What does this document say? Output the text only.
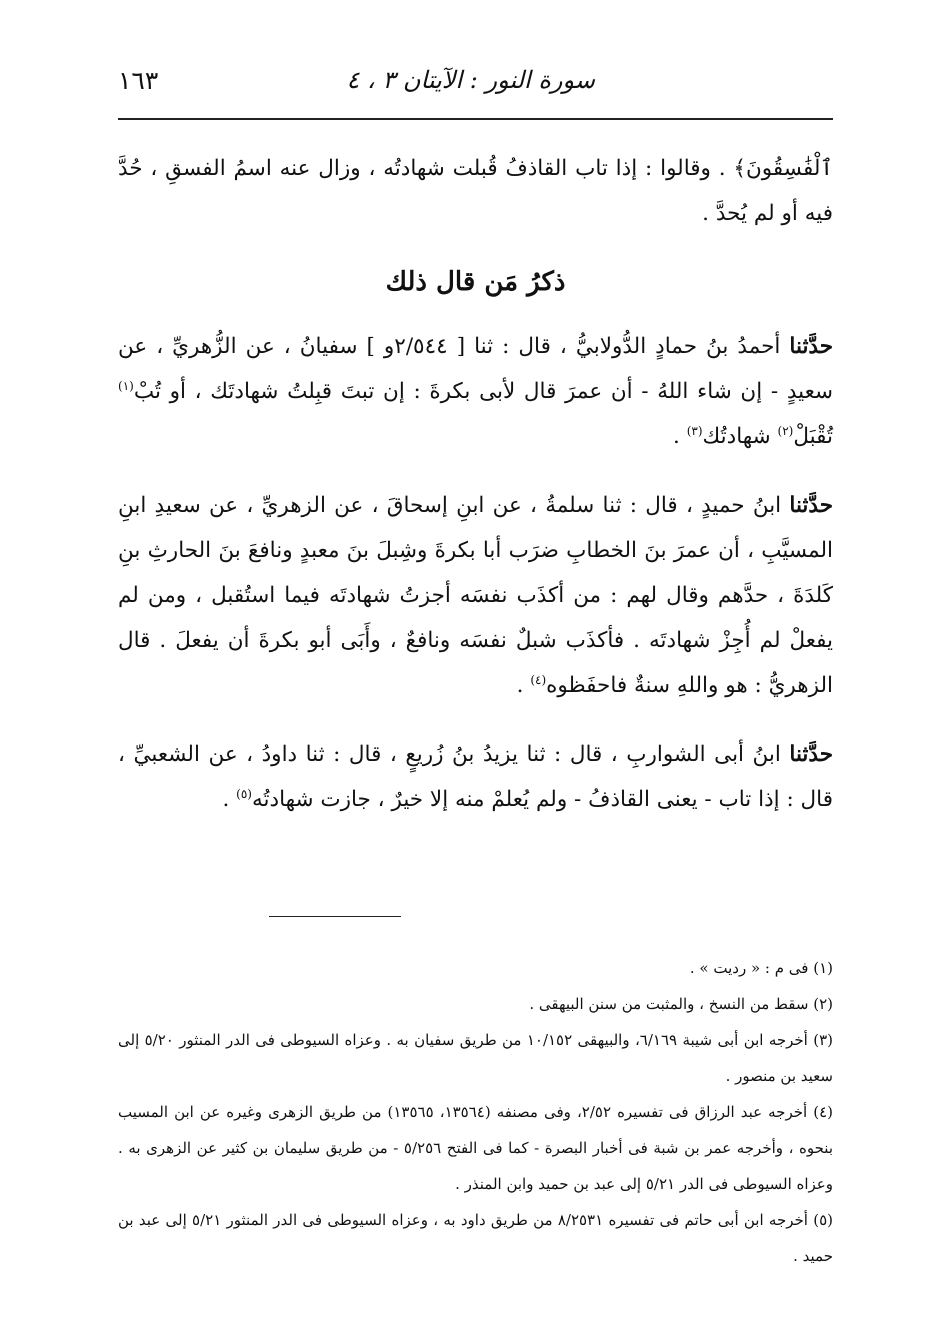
سورة النور : الآيتان ٣ ، ٤
١٦٣

ٱلْفَٰسِقُونَ﴾ . وقالوا : إذا تاب القاذفُ قُبلت شهادتُه ، وزال عنه اسمُ الفسقِ ، حُدَّ فيه أو لم يُحدَّ .

ذكرُ مَن قال ذلك

حدَّثنا أحمدُ بنُ حمادٍ الدُّولابيُّ ، قال : ثنا [ ٢/٥٤٤و ] سفيانُ ، عن الزُّهريِّ ، عن سعيدٍ - إن شاء اللهُ - أن عمرَ قال لأبى بكرةَ : إن تبتَ قبِلتُ شهادتَك ، أو تُبْ$^{(١)}$ تُقْبَلْ$^{(٢)}$ شهادتُك$^{(٣)}$ .

حدَّثنا ابنُ حميدٍ ، قال : ثنا سلمةُ ، عن ابنِ إسحاقَ ، عن الزهريِّ ، عن سعيدِ ابنِ المسيَّبِ ، أن عمرَ بنَ الخطابِ ضرَب أبا بكرةَ وشِبلَ بنَ معبدٍ ونافعَ بنَ الحارثِ بنِ كَلدَةَ ، حدَّهم وقال لهم : من أكذَب نفسَه أجزتُ شهادتَه فيما استُقبل ، ومن لم يفعلْ لم أُجِزْ شهادتَه . فأكذَب شبلٌ نفسَه ونافعٌ ، وأَبَى أبو بكرةَ أن يفعلَ . قال الزهريُّ : هو واللهِ سنةٌ فاحفَظوه$^{(٤)}$ .

حدَّثنا ابنُ أبى الشواربِ ، قال : ثنا يزيدُ بنُ زُريعٍ ، قال : ثنا داودُ ، عن الشعبيِّ ، قال : إذا تاب - يعنى القاذفُ - ولم يُعلمْ منه إلا خيرٌ ، جازت شهادتُه$^{(٥)}$ .

(١) فى م : « رديت » .

(٢) سقط من النسخ ، والمثبت من سنن البيهقى .

(٣) أخرجه ابن أبى شيبة ٦/١٦٩، والبيهقى ١٠/١٥٢ من طريق سفيان به . وعزاه السيوطى فى الدر المنثور ٥/٢٠ إلى سعيد بن منصور .

(٤) أخرجه عبد الرزاق فى تفسيره ٢/٥٢، وفى مصنفه (١٣٥٦٤، ١٣٥٦٥) من طريق الزهرى وغيره عن ابن المسيب بنحوه ، وأخرجه عمر بن شبة فى أخبار البصرة - كما فى الفتح ٥/٢٥٦ - من طريق سليمان بن كثير عن الزهرى به . وعزاه السيوطى فى الدر ٥/٢١ إلى عبد بن حميد وابن المنذر .

(٥) أخرجه ابن أبى حاتم فى تفسيره ٨/٢٥٣١ من طريق داود به ، وعزاه السيوطى فى الدر المنثور ٥/٢١ إلى عبد بن حميد .
